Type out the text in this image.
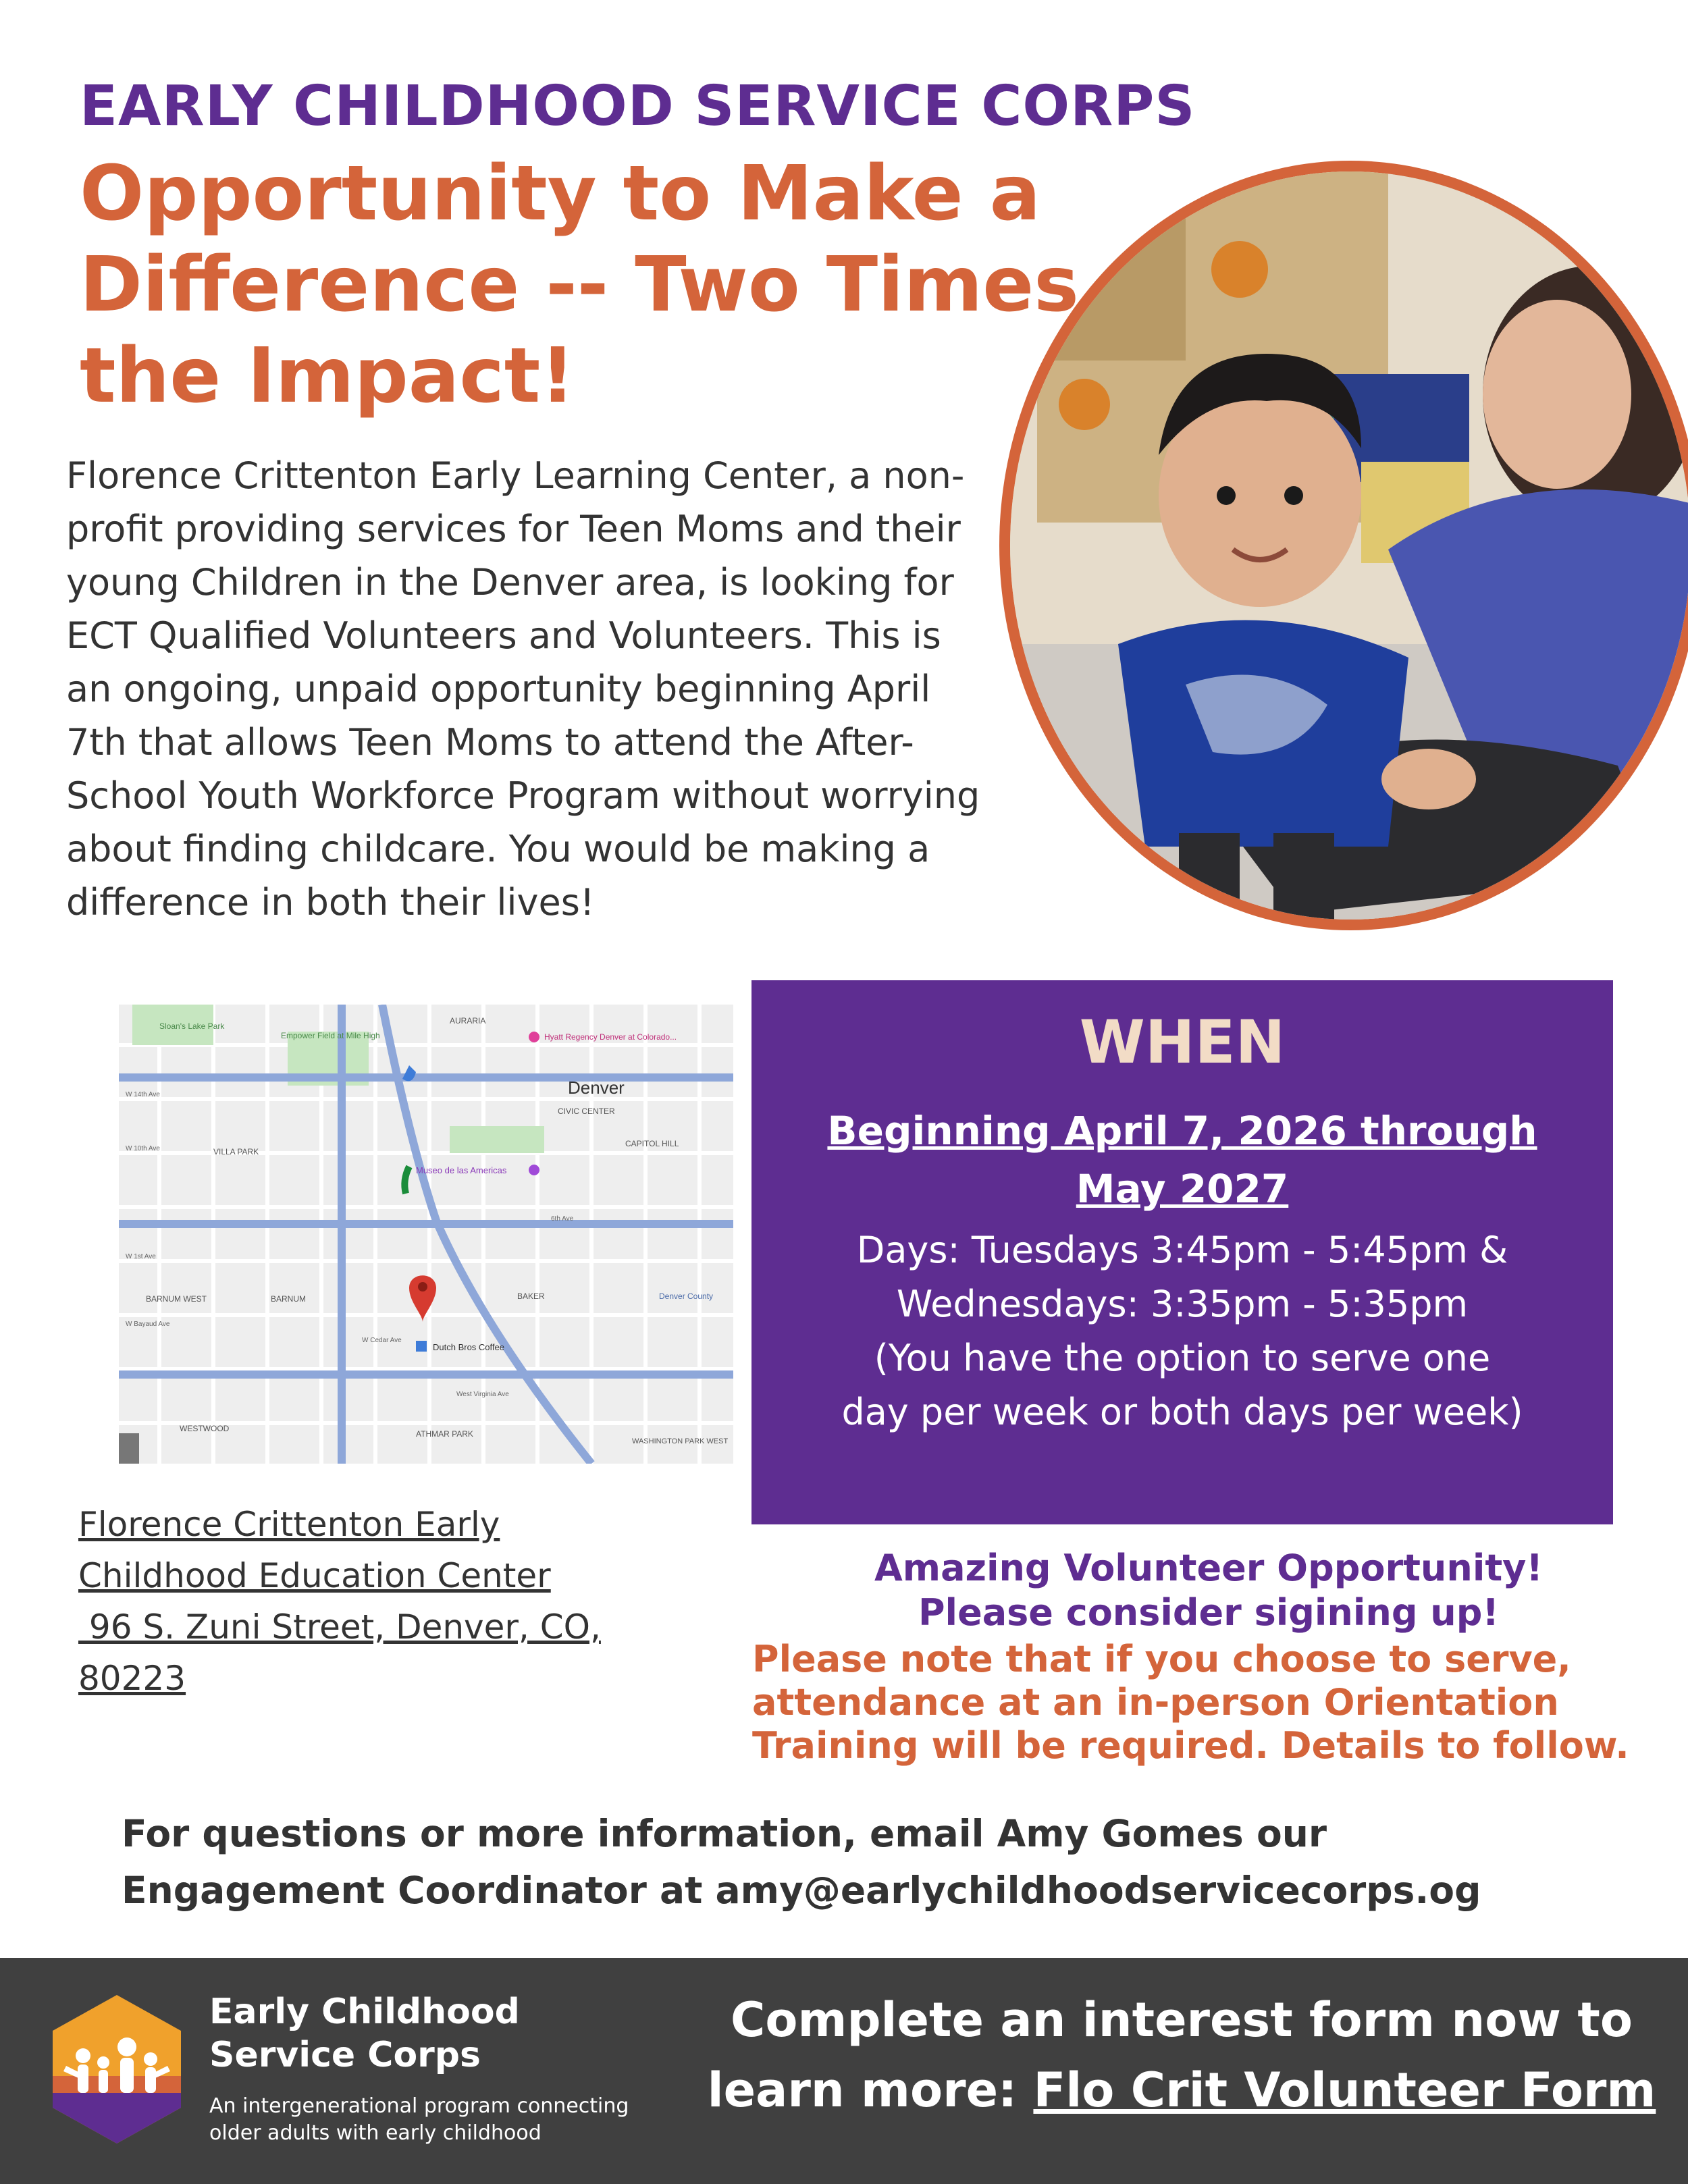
EARLY CHILDHOOD SERVICE CORPS
Opportunity to Make a
Difference -- Two Times
the Impact!
Florence Crittenton Early Learning Center, a non-profit providing services for Teen Moms and their young Children in the Denver area, is looking for ECT Qualified Volunteers and Volunteers. This is an ongoing, unpaid opportunity beginning April 7th that allows Teen Moms to attend the After-School Youth Workforce Program without worrying about finding childcare. You would be making a difference in both their lives!
Sloan's Lake Park
Empower Field at Mile High
AURARIA
Hyatt Regency Denver at Colorado...
Denver
CIVIC CENTER
CAPITOL HILL
VILLA PARK
Museo de las Americas
W 14th Ave
W 10th Ave
6th Ave
W 1st Ave
BARNUM WEST	BARNUM	BAKER	Denver County
W Bayaud Ave
W Cedar Ave
Dutch Bros Coffee
West Virginia Ave
WESTWOOD
ATHMAR PARK
WASHINGTON PARK WEST
WHEN
Beginning April 7, 2026 through
May 2027
Days: Tuesdays 3:45pm - 5:45pm &
Wednesdays: 3:35pm - 5:35pm
(You have the option to serve one
day per week or both days per week)
Florence Crittenton Early
Childhood Education Center
96 S. Zuni Street, Denver, CO,
80223
Amazing Volunteer Opportunity!
Please consider sigining up!
Please note that if you choose to serve,
attendance at an in-person Orientation
Training will be required. Details to follow.
For questions or more information, email Amy Gomes our
Engagement Coordinator at amy@earlychildhoodservicecorps.og
Early Childhood
Service Corps
An intergenerational program connecting
older adults with early childhood
Complete an interest form now to
learn more: Flo Crit Volunteer Form
